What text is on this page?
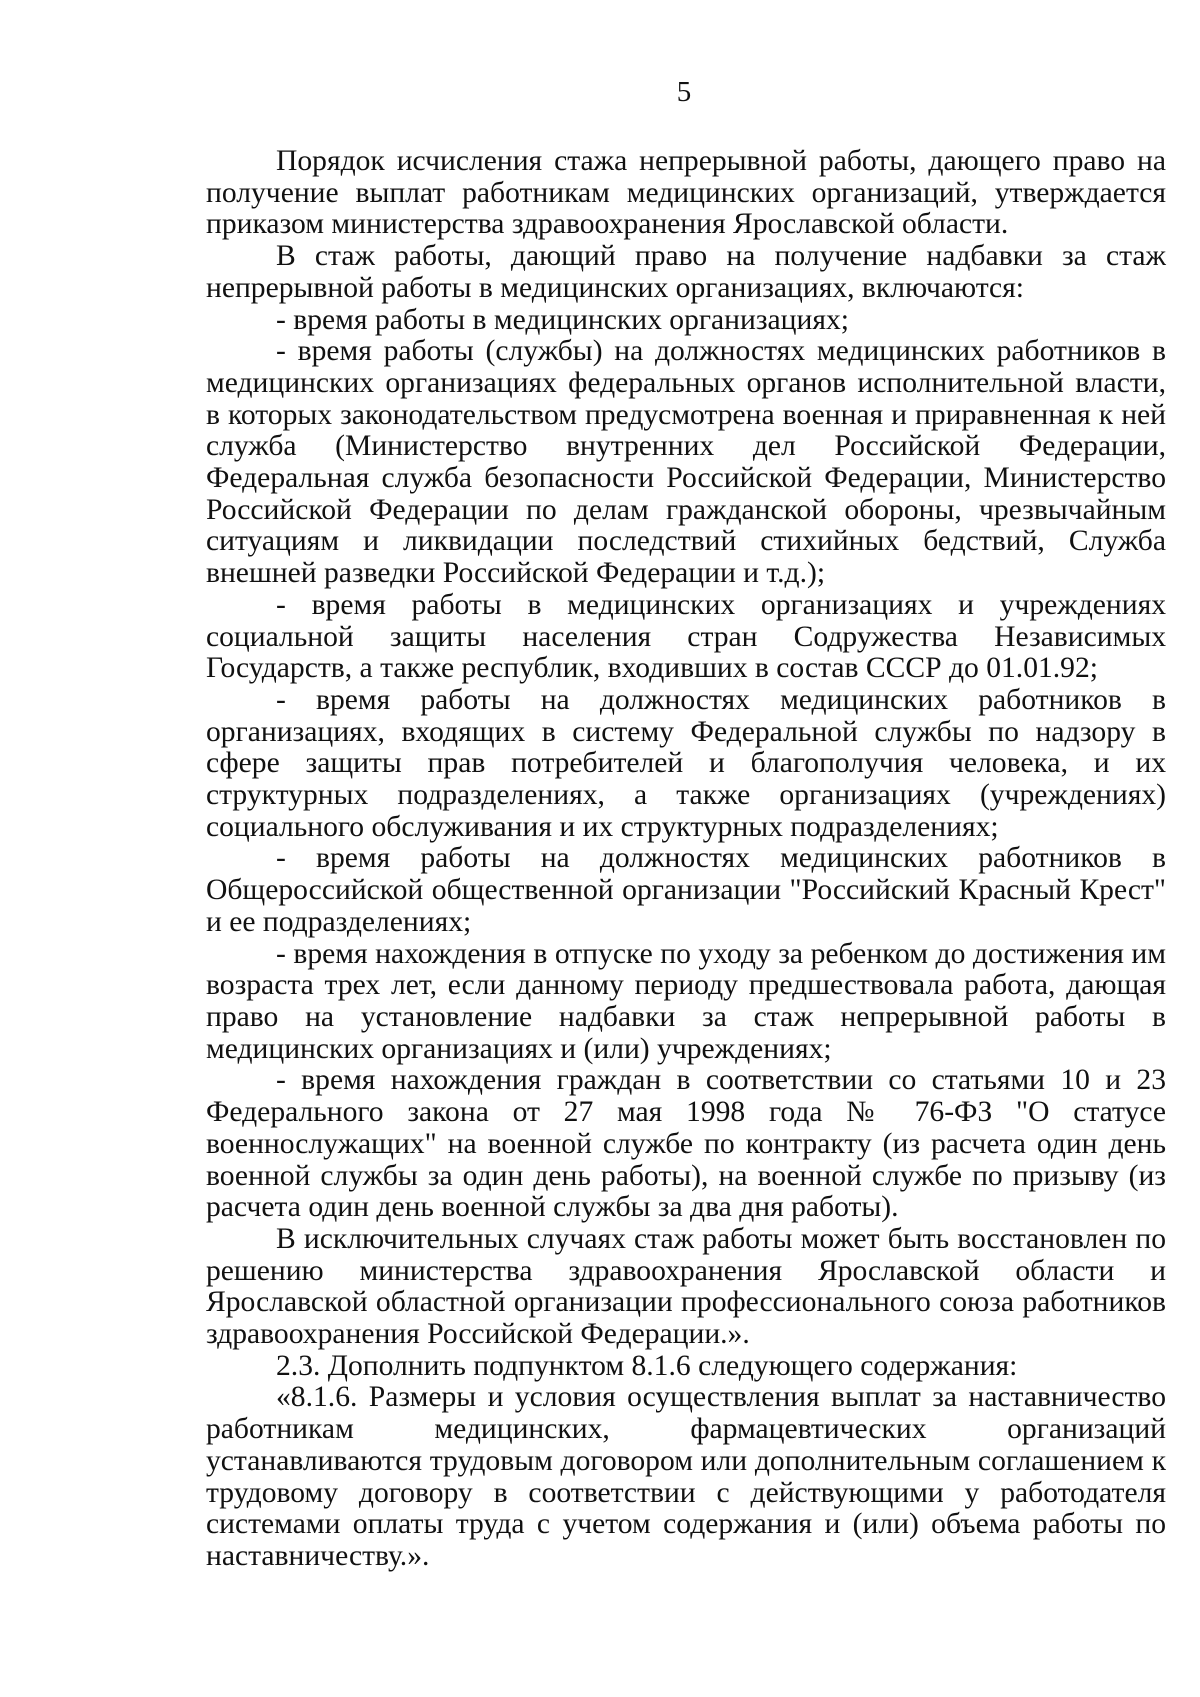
5

Порядок исчисления стажа непрерывной работы, дающего право на получение выплат работникам медицинских организаций, утверждается приказом министерства здравоохранения Ярославской области.

В стаж работы, дающий право на получение надбавки за стаж непрерывной работы в медицинских организациях, включаются:

- время работы в медицинских организациях;

- время работы (службы) на должностях медицинских работников в медицинских организациях федеральных органов исполнительной власти, в которых законодательством предусмотрена военная и приравненная к ней служба (Министерство внутренних дел Российской Федерации, Федеральная служба безопасности Российской Федерации, Министерство Российской Федерации по делам гражданской обороны, чрезвычайным ситуациям и ликвидации последствий стихийных бедствий, Служба внешней разведки Российской Федерации и т.д.);

- время работы в медицинских организациях и учреждениях социальной защиты населения стран Содружества Независимых Государств, а также республик, входивших в состав СССР до 01.01.92;

- время работы на должностях медицинских работников в организациях, входящих в систему Федеральной службы по надзору в сфере защиты прав потребителей и благополучия человека, и их структурных подразделениях, а также организациях (учреждениях) социального обслуживания и их структурных подразделениях;

- время работы на должностях медицинских работников в Общероссийской общественной организации "Российский Красный Крест" и ее подразделениях;

- время нахождения в отпуске по уходу за ребенком до достижения им возраста трех лет, если данному периоду предшествовала работа, дающая право на установление надбавки за стаж непрерывной работы в медицинских организациях и (или) учреждениях;

- время нахождения граждан в соответствии со статьями 10 и 23 Федерального закона от 27 мая 1998 года № 76-ФЗ "О статусе военнослужащих" на военной службе по контракту (из расчета один день военной службы за один день работы), на военной службе по призыву (из расчета один день военной службы за два дня работы).

В исключительных случаях стаж работы может быть восстановлен по решению министерства здравоохранения Ярославской области и Ярославской областной организации профессионального союза работников здравоохранения Российской Федерации.».

2.3. Дополнить подпунктом 8.1.6 следующего содержания:

«8.1.6. Размеры и условия осуществления выплат за наставничество работникам медицинских, фармацевтических организаций устанавливаются трудовым договором или дополнительным соглашением к трудовому договору в соответствии с действующими у работодателя системами оплаты труда с учетом содержания и (или) объема работы по наставничеству.».
